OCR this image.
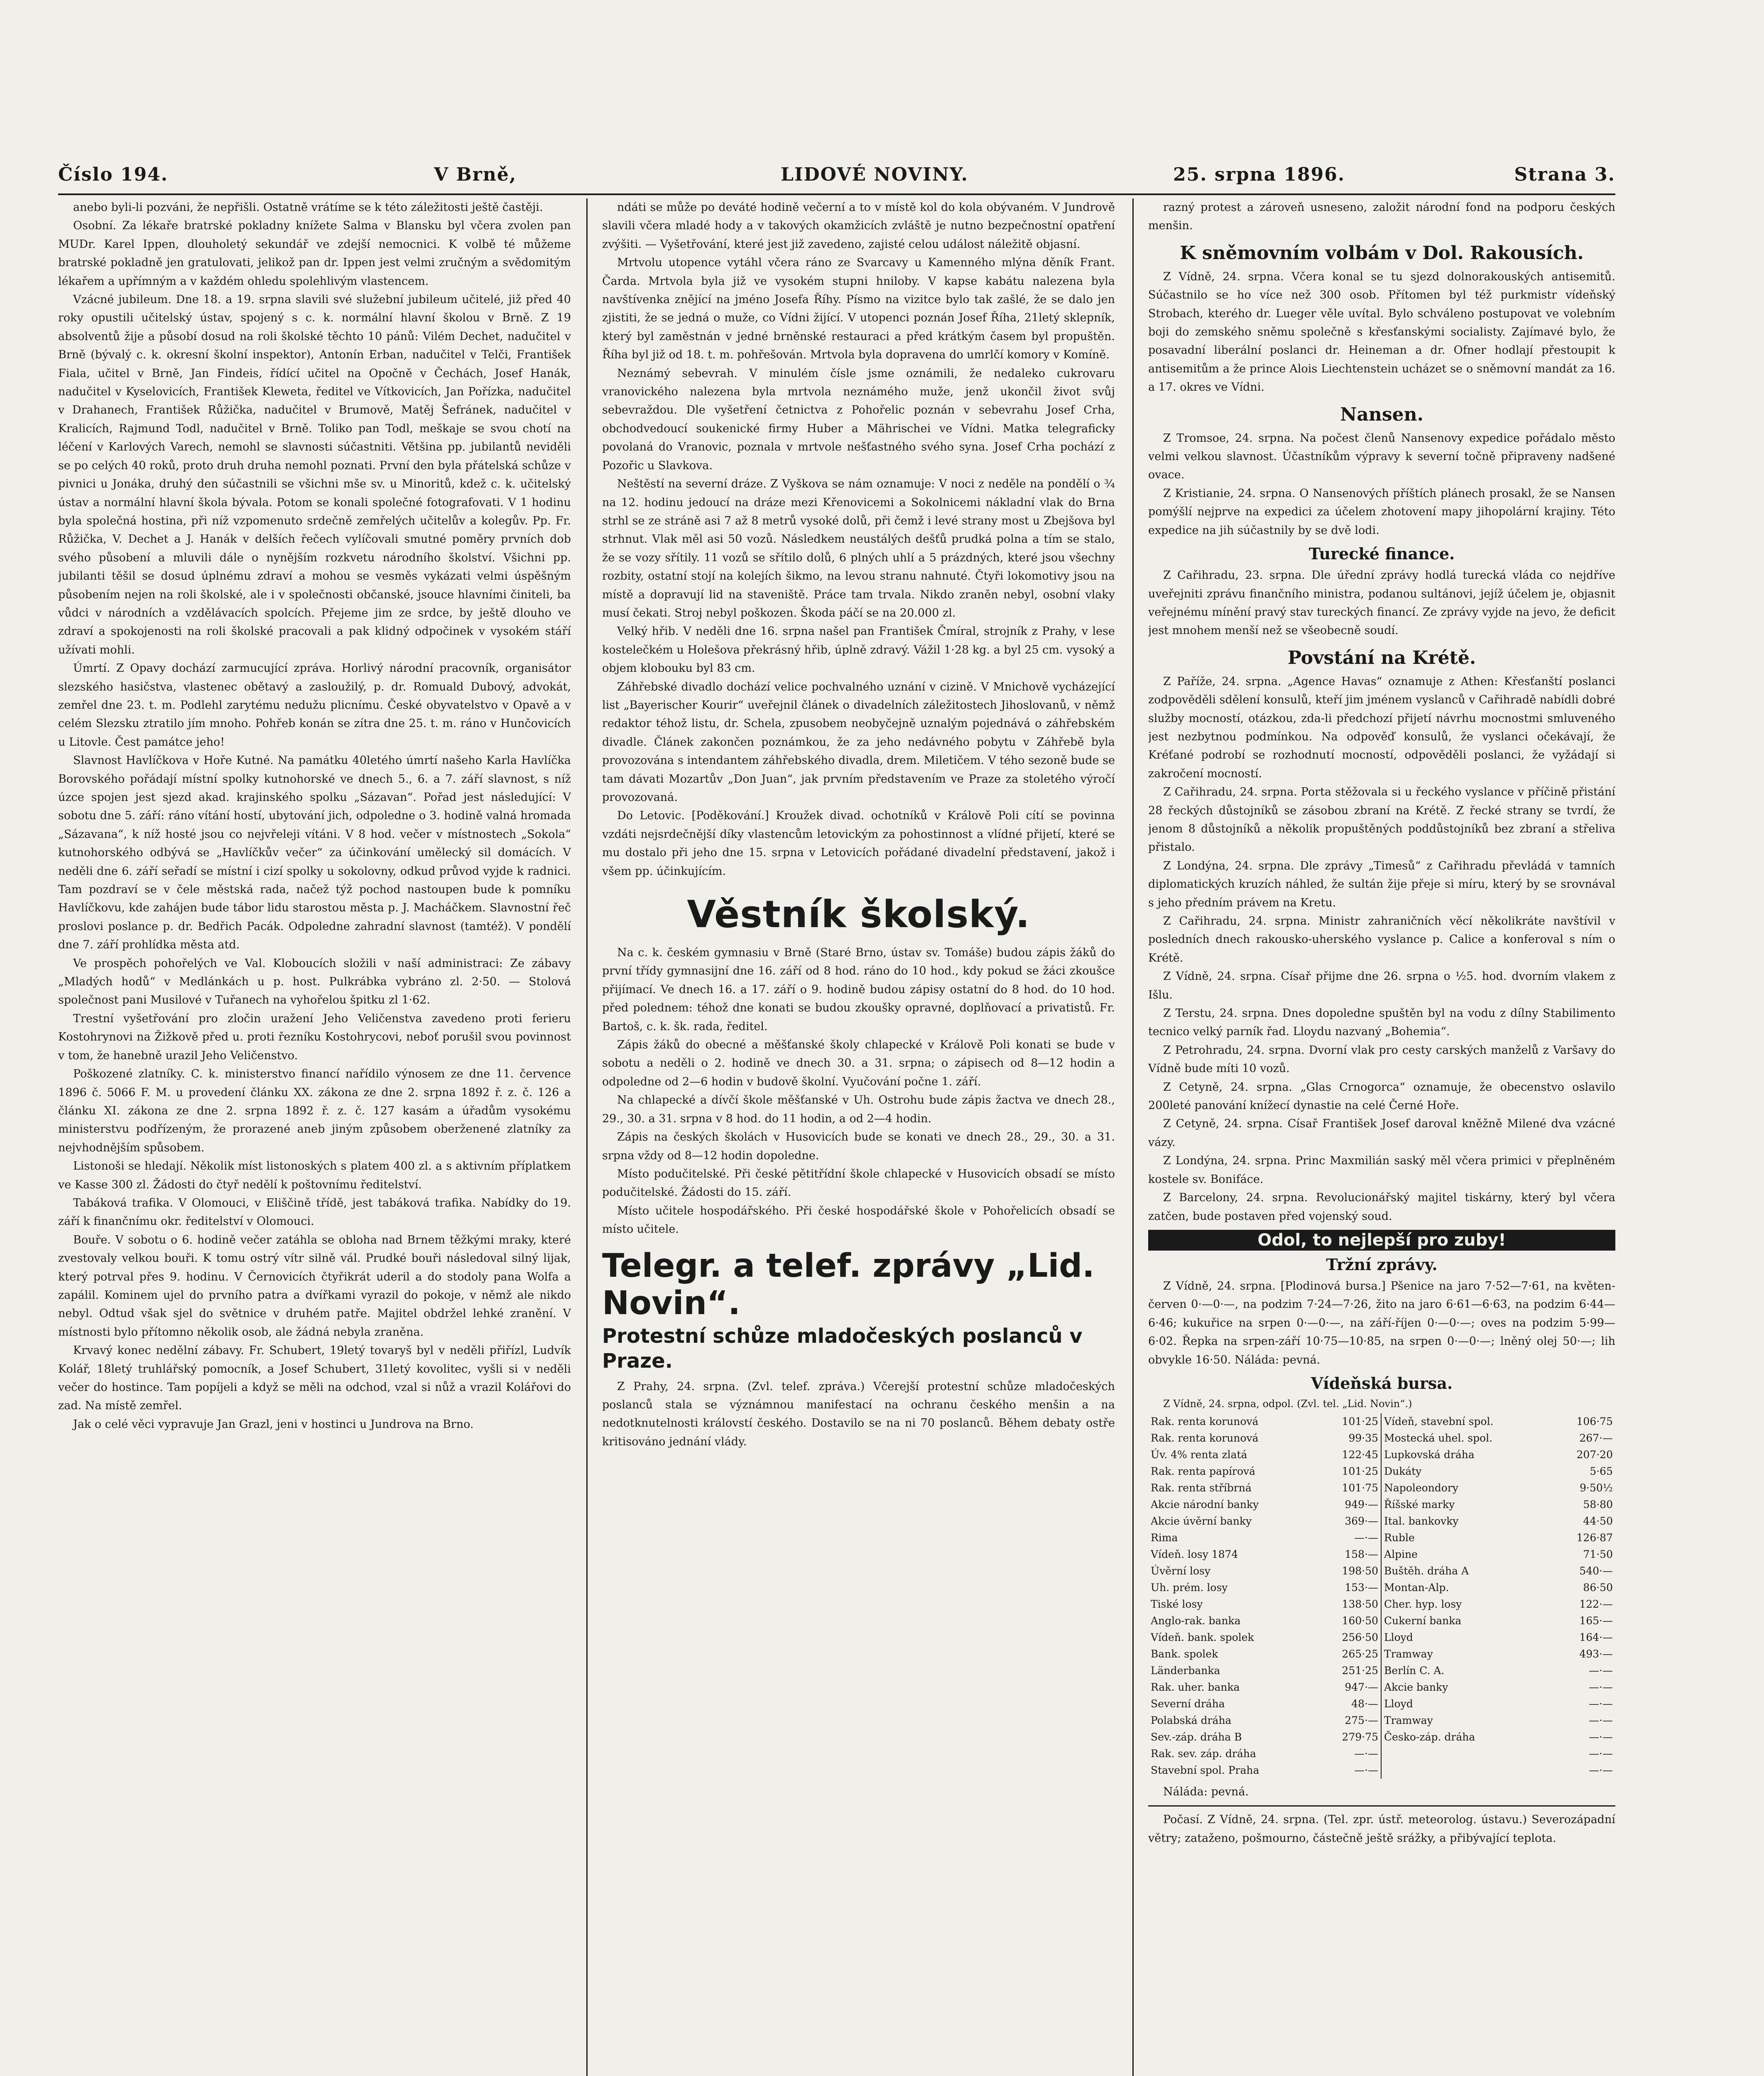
Číslo 194.	V Brně,	LIDOVÉ NOVINY.	25. srpna 1896.	Strana 3.

anebo byli-li pozváni, že nepřišli. Ostatně vrátíme se k této záležitosti ještě častěji.

Osobní. Za lékaře bratrské pokladny knížete Salma v Blansku byl včera zvolen pan MUDr. Karel Ippen, dlouholetý sekundář ve zdejší nemocnici. K volbě té můžeme bratrské pokladně jen gratulovati, jelikož pan dr. Ippen jest velmi zručným a svědomitým lékařem a upřímným a v každém ohledu spolehlivým vlastencem.

Vzácné jubileum. Dne 18. a 19. srpna slavili své služební jubileum učitelé, již před 40 roky opustili učitelský ústav, spojený s c. k. normální hlavní školou v Brně. Z 19 absolventů žije a působí dosud na roli školské těchto 10 pánů: Vilém Dechet, nadučitel v Brně (bývalý c. k. okresní školní inspektor), Antonín Erban, nadučitel v Telči, František Fiala, učitel v Brně, Jan Findeis, řídící učitel na Opočně v Čechách, Josef Hanák, nadučitel v Kyselovicích, František Kleweta, ředitel ve Vítkovicích, Jan Pořízka, nadučitel v Drahanech, František Růžička, nadučitel v Brumově, Matěj Šefránek, nadučitel v Kralicích, Rajmund Todl, nadučitel v Brně. Toliko pan Todl, meškaje se svou chotí na léčení v Karlových Varech, nemohl se slavnosti súčastniti. Většina pp. jubilantů neviděli se po celých 40 roků, proto druh druha nemohl poznati. První den byla přátelská schůze v pivnici u Jonáka, druhý den súčastnili se všichni mše sv. u Minoritů, kdež c. k. učitelský ústav a normální hlavní škola bývala. Potom se konali společné fotografovati. V 1 hodinu byla společná hostina, při níž vzpomenuto srdečně zemřelých učitelův a kolegův. Pp. Fr. Růžička, V. Dechet a J. Hanák v delších řečech vylíčovali smutné poměry prvních dob svého působení a mluvili dále o nynějším rozkvetu národního školství. Všichni pp. jubilanti těšil se dosud úplnému zdraví a mohou se vesměs vykázati velmi úspěšným působením nejen na roli školské, ale i v společnosti občanské, jsouce hlavními činiteli, ba vůdci v národních a vzdělávacích spolcích. Přejeme jim ze srdce, by ještě dlouho ve zdraví a spokojenosti na roli školské pracovali a pak klidný odpočinek v vysokém stáří užívati mohli.

Úmrtí. Z Opavy dochází zarmucující zpráva. Horlivý národní pracovník, organisátor slezského hasičstva, vlastenec obětavý a zasloužilý, p. dr. Romuald Dubový, advokát, zemřel dne 23. t. m. Podlehl zarytému nedužu plicnímu. České obyvatelstvo v Opavě a v celém Slezsku ztratilo jím mnoho. Pohřeb konán se zítra dne 25. t. m. ráno v Hunčovicích u Litovle. Čest památce jeho!

Slavnost Havlíčkova v Hoře Kutné. Na památku 40letého úmrtí našeho Karla Havlíčka Borovského pořádají místní spolky kutnohorské ve dnech 5., 6. a 7. září slavnost, s níž úzce spojen jest sjezd akad. krajinského spolku „Sázavan“. Pořad jest následující: V sobotu dne 5. září: ráno vítání hostí, ubytování jich, odpoledne o 3. hodině valná hromada „Sázavana“, k níž hosté jsou co nejvřeleji vítáni. V 8 hod. večer v místnostech „Sokola“ kutnohorského odbývá se „Havlíčkův večer“ za účinkování umělecký sil domácích. V neděli dne 6. září seřadí se místní i cizí spolky u sokolovny, odkud průvod vyjde k radnici. Tam pozdraví se v čele městská rada, načež týž pochod nastoupen bude k pomníku Havlíčkovu, kde zahájen bude tábor lidu starostou města p. J. Macháčkem. Slavnostní řeč proslovi poslance p. dr. Bedřich Pacák. Odpoledne zahradní slavnost (tamtéž). V pondělí dne 7. září prohlídka města atd.

Ve prospěch pohořelých ve Val. Kloboucích složili v naší administraci: Ze zábavy „Mladých hodů“ v Medlánkách u p. host. Pulkrábka vybráno zl. 2·50. — Stolová společnost pani Musilové v Tuřanech na vyhořelou špitku zl 1·62.

Trestní vyšetřování pro zločin uražení Jeho Veličenstva zavedeno proti ferieru Kostohrynovi na Žižkově před u. proti řezníku Kostohrycovi, neboť porušil svou povinnost v tom, že hanebně urazil Jeho Veličenstvo.

Poškozené zlatníky. C. k. ministerstvo financí nařídilo výnosem ze dne 11. července 1896 č. 5066 F. M. u provedení článku XX. zákona ze dne 2. srpna 1892 ř. z. č. 126 a článku XI. zákona ze dne 2. srpna 1892 ř. z. č. 127 kasám a úřadům vysokému ministerstvu podřízeným, že prorazené aneb jiným způsobem oberženené zlatníky za nejvhodnějším spůsobem.

Listonoši se hledají. Několik míst listonoských s platem 400 zl. a s aktivním příplatkem ve Kasse 300 zl. Žádosti do čtyř nedělí k poštovnímu ředitelství.

Tabáková trafika. V Olomouci, v Eliščině třídě, jest tabáková trafika. Nabídky do 19. září k finančnímu okr. ředitelství v Olomouci.

Bouře. V sobotu o 6. hodině večer zatáhla se obloha nad Brnem těžkými mraky, které zvestovaly velkou bouři. K tomu ostrý vítr silně vál. Prudké bouři následoval silný lijak, který potrval přes 9. hodinu. V Černovicích čtyřikrát uderil a do stodoly pana Wolfa a zapálil. Kominem ujel do prvního patra a dvířkami vyrazil do pokoje, v němž ale nikdo nebyl. Odtud však sjel do světnice v druhém patře. Majitel obdržel lehké zranění. V místnosti bylo přítomno několik osob, ale žádná nebyla zraněna.

Krvavý konec nedělní zábavy. Fr. Schubert, 19letý tovaryš byl v neděli přiřízl, Ludvík Kolář, 18letý truhlářský pomocník, a Josef Schubert, 31letý kovolitec, vyšli si v neděli večer do hostince. Tam popíjeli a když se měli na odchod, vzal si nůž a vrazil Kolářovi do zad. Na místě zemřel.

Jak o celé věci vypravuje Jan Grazl, jeni v hostinci u Jundrova na Brno.

ndáti se může po deváté hodině večerní a to v místě kol do kola obývaném. V Jundrově slavili včera mladé hody a v takových okamžicích zvláště je nutno bezpečnostní opatření zvýšiti. — Vyšetřování, které jest již zavedeno, zajisté celou událost náležitě objasní.

Mrtvolu utopence vytáhl včera ráno ze Svarcavy u Kamenného mlýna děník Frant. Čarda. Mrtvola byla již ve vysokém stupni hniloby. V kapse kabátu nalezena byla navštívenka znějící na jméno Josefa Říhy. Písmo na vizitce bylo tak zašlé, že se dalo jen zjistiti, že se jedná o muže, co Vídni žijící. V utopenci poznán Josef Říha, 21letý sklepník, který byl zaměstnán v jedné brněnské restauraci a před krátkým časem byl propuštěn. Říha byl již od 18. t. m. pohřešován. Mrtvola byla dopravena do umrlčí komory v Komíně.

Neznámý sebevrah. V minulém čísle jsme oznámili, že nedaleko cukrovaru vranovického nalezena byla mrtvola neznámého muže, jenž ukončil život svůj sebevraždou. Dle vyšetření četnictva z Pohořelic poznán v sebevrahu Josef Crha, obchodvedoucí soukenické firmy Huber a Mährischei ve Vídni. Matka telegraficky povolaná do Vranovic, poznala v mrtvole nešťastného svého syna. Josef Crha pochází z Pozořic u Slavkova.

Neštěstí na severní dráze. Z Vyškova se nám oznamuje: V noci z neděle na pondělí o ¾ na 12. hodinu jedoucí na dráze mezi Křenovicemi a Sokolnicemi nákladní vlak do Brna strhl se ze stráně asi 7 až 8 metrů vysoké dolů, při čemž i levé strany most u Zbejšova byl strhnut. Vlak měl asi 50 vozů. Následkem neustálých dešťů prudká polna a tím se stalo, že se vozy sřítily. 11 vozů se sřítilo dolů, 6 plných uhlí a 5 prázdných, které jsou všechny rozbity, ostatní stojí na kolejích šikmo, na levou stranu nahnuté. Čtyři lokomotivy jsou na místě a dopravují lid na staveniště. Práce tam trvala. Nikdo zraněn nebyl, osobní vlaky musí čekati. Stroj nebyl poškozen. Škoda páčí se na 20.000 zl.

Velký hřib. V neděli dne 16. srpna našel pan František Čmíral, strojník z Prahy, v lese kostelečkém u Holešova překrásný hřib, úplně zdravý. Vážil 1·28 kg. a byl 25 cm. vysoký a objem klobouku byl 83 cm.

Záhřebské divadlo dochází velice pochvalného uznání v cizině. V Mnichově vycházející list „Bayerischer Kourir“ uveřejnil článek o divadelních záležitostech Jihoslovanů, v němž redaktor téhož listu, dr. Schela, zpusobem neobyčejně uznalým pojednává o záhřebském divadle. Článek zakončen poznámkou, že za jeho nedávného pobytu v Záhřebě byla provozována s intendantem záhřebského divadla, drem. Miletičem. V tého sezoně bude se tam dávati Mozartův „Don Juan“, jak prvním představením ve Praze za stoletého výročí provozovaná.

Do Letovic. [Poděkování.] Kroužek divad. ochotníků v Králově Poli cítí se povinna vzdáti nejsrdečnější díky vlastencům letovickým za pohostinnost a vlídné přijetí, které se mu dostalo při jeho dne 15. srpna v Letovicích pořádané divadelní představení, jakož i všem pp. účinkujícím.

Věstník školský.

Na c. k. českém gymnasiu v Brně (Staré Brno, ústav sv. Tomáše) budou zápis žáků do první třídy gymnasijní dne 16. září od 8 hod. ráno do 10 hod., kdy pokud se žáci zkoušce přijímací. Ve dnech 16. a 17. září o 9. hodině budou zápisy ostatní do 8 hod. do 10 hod. před polednem: téhož dne konati se budou zkoušky opravné, doplňovací a privatistů. Fr. Bartoš, c. k. šk. rada, ředitel.

Zápis žáků do obecné a měšťanské školy chlapecké v Králově Poli konati se bude v sobotu a neděli o 2. hodině ve dnech 30. a 31. srpna; o zápisech od 8—12 hodin a odpoledne od 2—6 hodin v budově školní. Vyučování počne 1. září.

Na chlapecké a dívčí škole měšťanské v Uh. Ostrohu bude zápis žactva ve dnech 28., 29., 30. a 31. srpna v 8 hod. do 11 hodin, a od 2—4 hodin.

Zápis na českých školách v Husovicích bude se konati ve dnech 28., 29., 30. a 31. srpna vždy od 8—12 hodin dopoledne.

Místo podučitelské. Při české pětitřídní škole chlapecké v Husovicích obsadí se místo podučitelské. Žádosti do 15. září.

Místo učitele hospodářského. Při české hospodářské škole v Pohořelicích obsadí se místo učitele.

Telegr. a telef. zprávy „Lid. Novin“.
Protestní schůze mladočeských poslanců v Praze.

Z Prahy, 24. srpna. (Zvl. telef. zpráva.) Včerejší protestní schůze mladočeských poslanců stala se význámnou manifestací na ochranu českého menšin a na nedotknutelnosti královstí českého. Dostavilo se na ni 70 poslanců. Během debaty ostře kritisováno jednání vlády.

razný protest a zároveň usneseno, založit národní fond na podporu českých menšin.

K sněmovním volbám v Dol. Rakousích.

Z Vídně, 24. srpna. Včera konal se tu sjezd dolnorakouských antisemitů. Súčastnilo se ho více než 300 osob. Přítomen byl též purkmistr vídeňský Strobach, kterého dr. Lueger věle uvítal. Bylo schváleno postupovat ve volebním boji do zemského sněmu společně s křesťanskými socialisty. Zajímavé bylo, že posavadní liberální poslanci dr. Heineman a dr. Ofner hodlají přestoupit k antisemitům a že prince Alois Liechtenstein ucházet se o sněmovní mandát za 16. a 17. okres ve Vídni.

Nansen.

Z Tromsoe, 24. srpna. Na počest členů Nansenovy expedice pořádalo město velmi velkou slavnost. Účastníkům výpravy k severní točně připraveny nadšené ovace.

Z Kristianie, 24. srpna. O Nansenových příštích plánech prosakl, že se Nansen pomýšlí nejprve na expedici za účelem zhotovení mapy jihopolární krajiny. Této expedice na jih súčastnily by se dvě lodi.

Turecké finance.

Z Cařihradu, 23. srpna. Dle úřední zprávy hodlá turecká vláda co nejdříve uveřejniti zprávu finančního ministra, podanou sultánovi, jejíž účelem je, objasnit veřejnému mínění pravý stav tureckých financí. Ze zprávy vyjde na jevo, že deficit jest mnohem menší než se všeobecně soudí.

Povstání na Krétě.

Z Paříže, 24. srpna. „Agence Havas“ oznamuje z Athen: Křesťanští poslanci zodpověděli sdělení konsulů, kteří jim jménem vyslanců v Cařihradě nabídli dobré služby mocností, otázkou, zda-li předchozí přijetí návrhu mocnostmi smluveného jest nezbytnou podmínkou. Na odpověď konsulů, že vyslanci očekávají, že Kréťané podrobí se rozhodnutí mocností, odpověděli poslanci, že vyžádají si zakročení mocností.

Z Cařihradu, 24. srpna. Porta stěžovala si u řeckého vyslance v příčině přistání 28 řeckých důstojníků se zásobou zbraní na Krétě. Z řecké strany se tvrdí, že jenom 8 důstojníků a několik propuštěných poddůstojníků bez zbraní a střeliva přistalo.

Z Londýna, 24. srpna. Dle zprávy „Timesů“ z Cařihradu převládá v tamních diplomatických kruzích náhled, že sultán žije přeje si míru, který by se srovnával s jeho předním právem na Kretu.

Z Cařihradu, 24. srpna. Ministr zahraničních věcí několikráte navštívil v posledních dnech rakousko-uherského vyslance p. Calice a konferoval s ním o Krétě.

Z Vídně, 24. srpna. Císař přijme dne 26. srpna o ½5. hod. dvorním vlakem z Išlu.

Z Terstu, 24. srpna. Dnes dopoledne spuštěn byl na vodu z dílny Stabilimento tecnico velký parník řad. Lloydu nazvaný „Bohemia“.

Z Petrohradu, 24. srpna. Dvorní vlak pro cesty carských manželů z Varšavy do Vídně bude míti 10 vozů.

Z Cetyně, 24. srpna. „Glas Crnogorca“ oznamuje, že obecenstvo oslavilo 200leté panování knížecí dynastie na celé Černé Hoře.

Z Cetyně, 24. srpna. Císař František Josef daroval kněžně Milené dva vzácné vázy.

Z Londýna, 24. srpna. Princ Maxmilián saský měl včera primici v přeplněném kostele sv. Bonifáce.

Z Barcelony, 24. srpna. Revolucionářský majitel tiskárny, který byl včera zatčen, bude postaven před vojenský soud.

Odol, to nejlepší pro zuby!
Tržní zprávy.

Z Vídně, 24. srpna. [Plodinová bursa.] Pšenice na jaro 7·52—7·61, na květen-červen 0·—0·—, na podzim 7·24—7·26, žito na jaro 6·61—6·63, na podzim 6·44—6·46; kukuřice na srpen 0·—0·—, na září-říjen 0·—0·—; oves na podzim 5·99—6·02. Řepka na srpen-září 10·75—10·85, na srpen 0·—0·—; lněný olej 50·—; lih obvykle 16·50. Náláda: pevná.

Vídeňská bursa.

Z Vídně, 24. srpna, odpol. (Zvl. tel. „Lid. Novin“.)

Rak. renta korunová	101·25	Vídeň, stavební spol.	106·75
Rak. renta korunová	99·35	Mostecká uhel. spol.	267·—
Úv. 4% renta zlatá	122·45	Lupkovská dráha	207·20
Rak. renta papírová	101·25	Dukáty	5·65
Rak. renta stříbrná	101·75	Napoleondory	9·50½
Akcie národní banky	949·—	Říšské marky	58·80
Akcie úvěrní banky	369·—	Ital. bankovky	44·50
Rima	—·—	Ruble	126·87
Vídeň. losy 1874	158·—	Alpine	71·50
Úvěrní losy	198·50	Buštěh. dráha A	540·—
Uh. prém. losy	153·—	Montan-Alp.	86·50
Tiské losy	138·50	Cher. hyp. losy	122·—
Anglo-rak. banka	160·50	Cukerní banka	165·—
Vídeň. bank. spolek	256·50	Lloyd	164·—
Bank. spolek	265·25	Tramway	493·—
Länderbanka	251·25	Berlín C. A.	—·—
Rak. uher. banka	947·—	Akcie banky	—·—
Severní dráha	48·—	Lloyd	—·—
Polabská dráha	275·—	Tramway	—·—
Sev.-záp. dráha B	279·75	Česko-záp. dráha	—·—
Rak. sev. záp. dráha	—·—		—·—
Stavební spol. Praha	—·—		—·—

Náláda: pevná.

Počasí. Z Vídně, 24. srpna. (Tel. zpr. ústř. meteorolog. ústavu.) Severozápadní větry; zataženo, pošmourno, částečně ještě srážky, a přibývající teplota.
